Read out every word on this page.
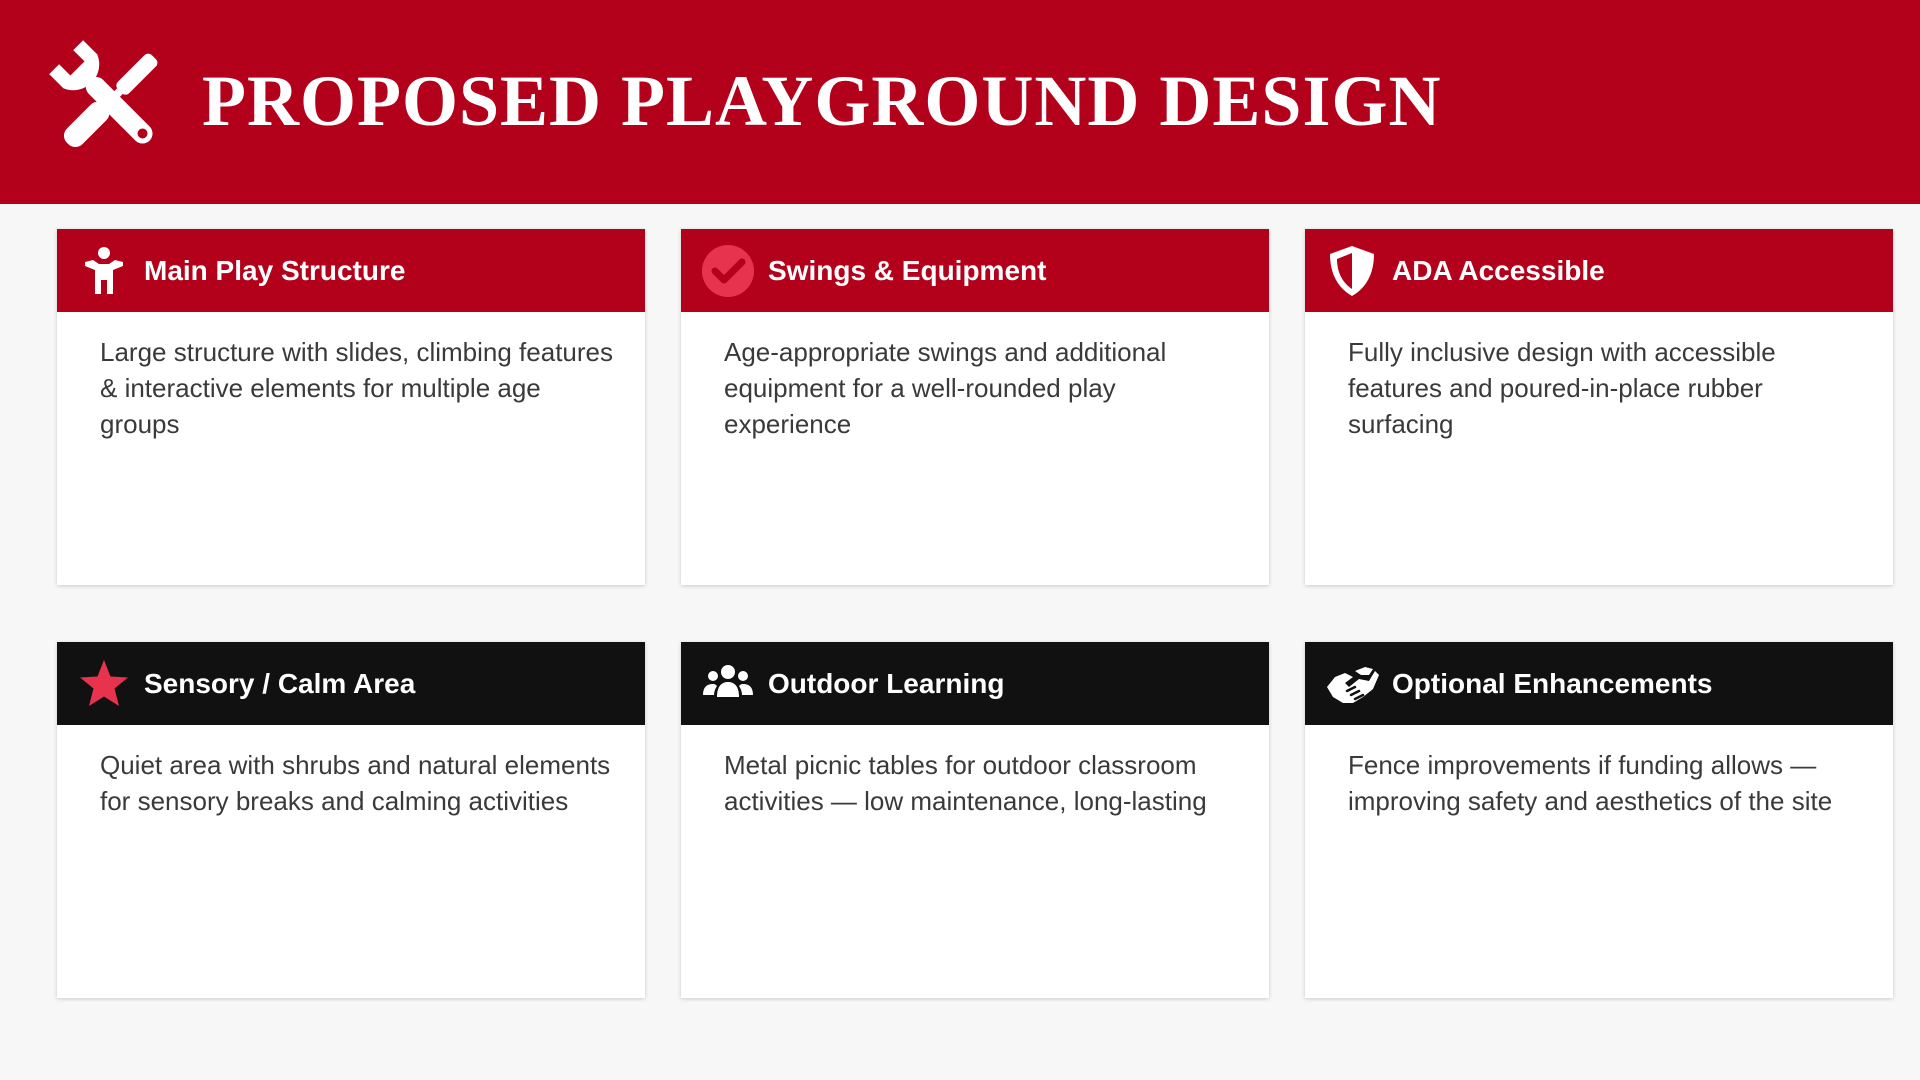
PROPOSED PLAYGROUND DESIGN
Main Play Structure

Large structure with slides, climbing features & interactive elements for multiple age groups

Swings & Equipment

Age-appropriate swings and additional equipment for a well-rounded play experience

ADA Accessible

Fully inclusive design with accessible features and poured-in-place rubber surfacing

Sensory / Calm Area

Quiet area with shrubs and natural elements for sensory breaks and calming activities

Outdoor Learning

Metal picnic tables for outdoor classroom activities — low maintenance, long-lasting

Optional Enhancements

Fence improvements if funding allows — improving safety and aesthetics of the site
